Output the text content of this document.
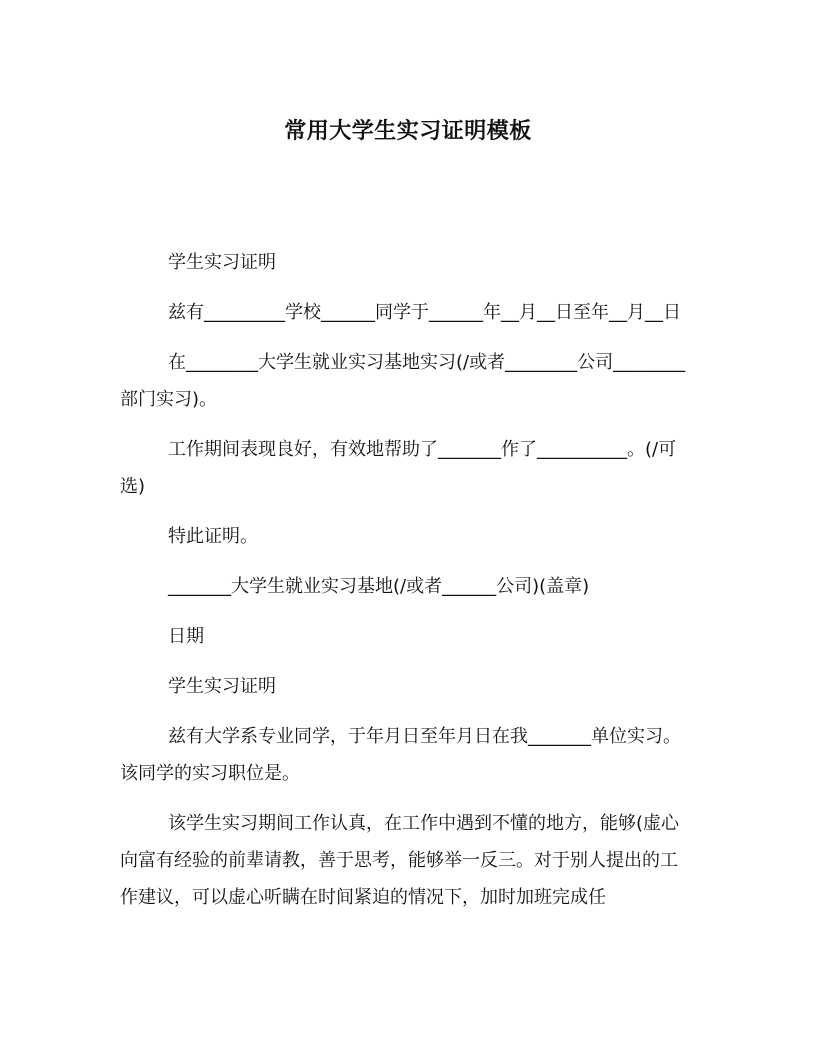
常用大学生实习证明模板

学生实习证明

兹有_________学校______同学于______年__月__日至年__月__日

在________大学生就业实习基地实习(/或者________公司________部门实习)。

工作期间表现良好，有效地帮助了_______作了__________。(/可选)

特此证明。

_______大学生就业实习基地(/或者______公司)(盖章)

日期

学生实习证明

兹有大学系专业同学，于年月日至年月日在我_______单位实习。该同学的实习职位是。

该学生实习期间工作认真，在工作中遇到不懂的地方，能够(虚心向富有经验的前辈请教，善于思考，能够举一反三。对于别人提出的工作建议，可以虚心听瞒在时间紧迫的情况下，加时加班完成任
